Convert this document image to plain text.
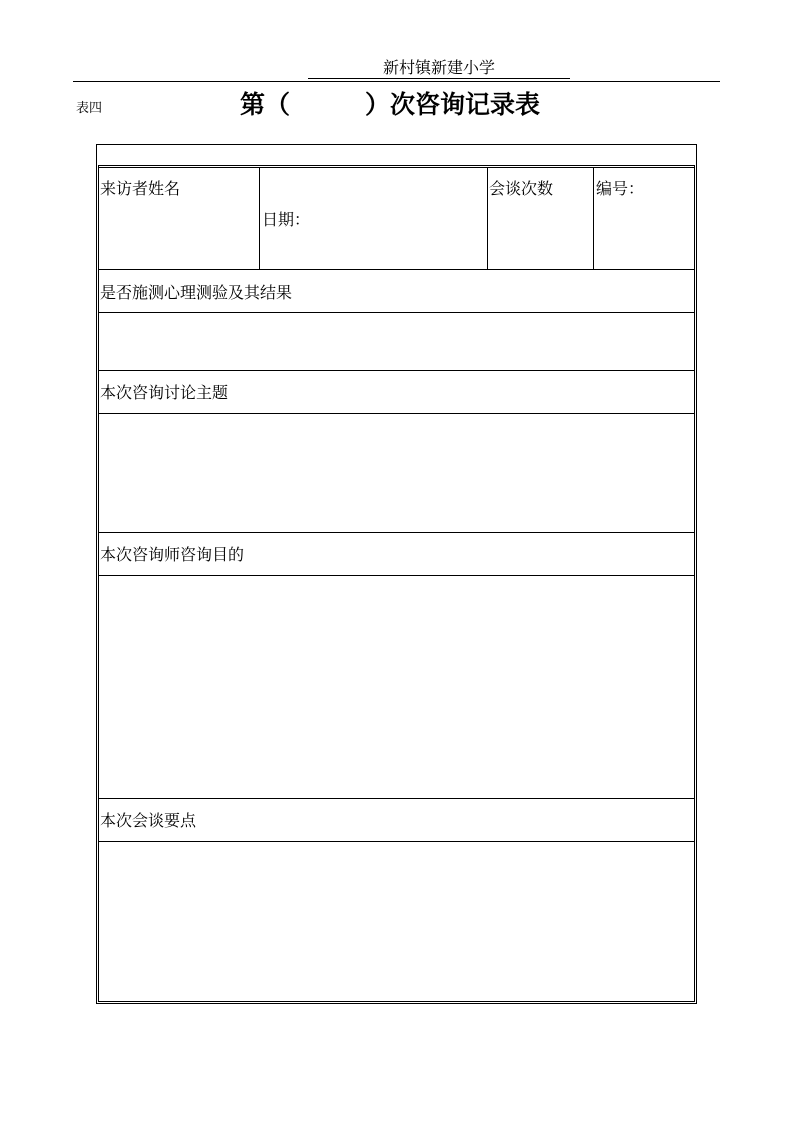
新村镇新建小学
表四	第（　　　）次咨询记录表
来访者姓名
日期：
会谈次数	编号：
是否施测心理测验及其结果
本次咨询讨论主题
本次咨询师咨询目的
本次会谈要点
